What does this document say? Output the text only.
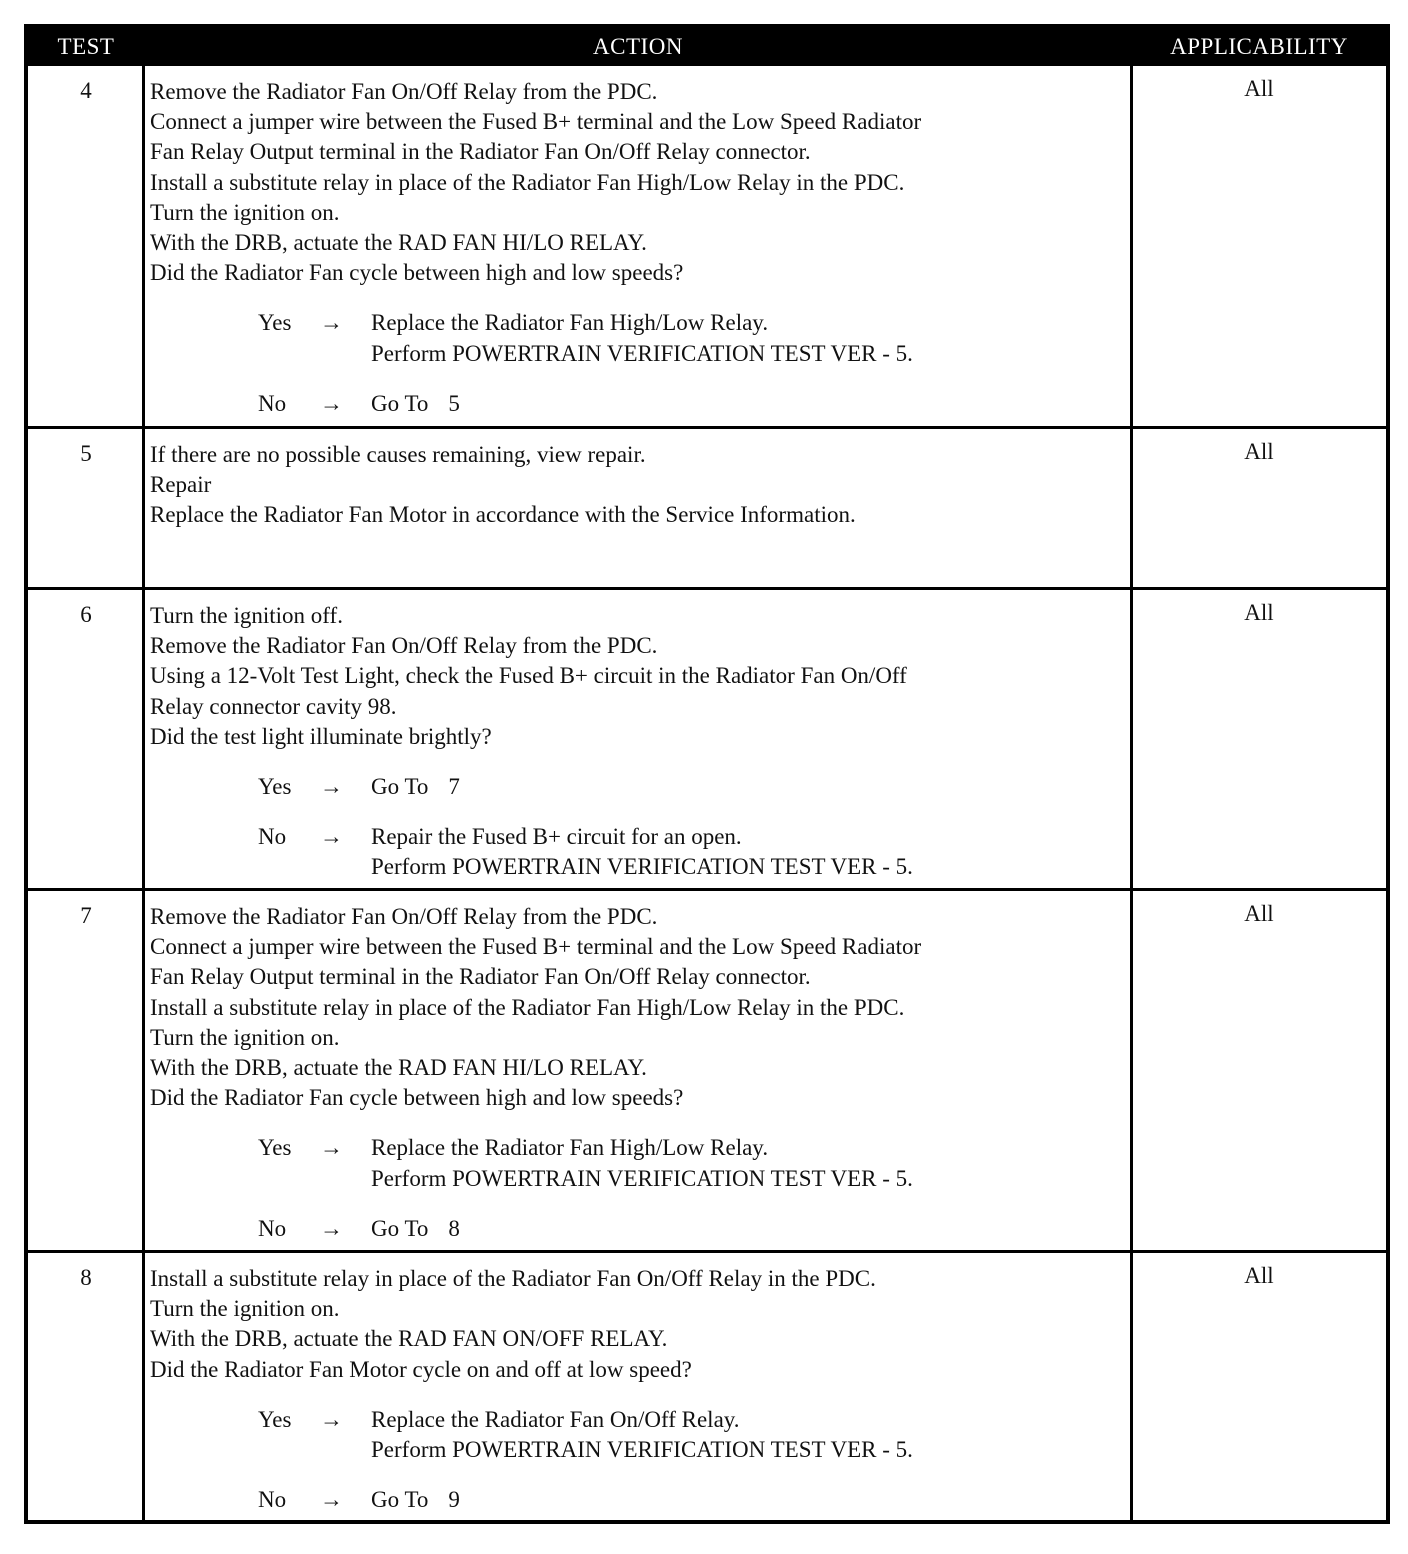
TEST	ACTION	APPLICABILITY
4	Remove the Radiator Fan On/Off Relay from the PDC.

Connect a jumper wire between the Fused B+ terminal and the Low Speed Radiator

Fan Relay Output terminal in the Radiator Fan On/Off Relay connector.

Install a substitute relay in place of the Radiator Fan High/Low Relay in the PDC.

Turn the ignition on.

With the DRB, actuate the RAD FAN HI/LO RELAY.

Did the Radiator Fan cycle between high and low speeds?

Yes → Replace the Radiator Fan High/Low Relay.

Perform POWERTRAIN VERIFICATION TEST VER - 5.

No → Go To 5
All
5	If there are no possible causes remaining, view repair.

Repair

Replace the Radiator Fan Motor in accordance with the Service Information.

All
6	Turn the ignition off.

Remove the Radiator Fan On/Off Relay from the PDC.

Using a 12-Volt Test Light, check the Fused B+ circuit in the Radiator Fan On/Off

Relay connector cavity 98.

Did the test light illuminate brightly?

Yes → Go To 7
No → Repair the Fused B+ circuit for an open.

Perform POWERTRAIN VERIFICATION TEST VER - 5.

All
7	Remove the Radiator Fan On/Off Relay from the PDC.

Connect a jumper wire between the Fused B+ terminal and the Low Speed Radiator

Fan Relay Output terminal in the Radiator Fan On/Off Relay connector.

Install a substitute relay in place of the Radiator Fan High/Low Relay in the PDC.

Turn the ignition on.

With the DRB, actuate the RAD FAN HI/LO RELAY.

Did the Radiator Fan cycle between high and low speeds?

Yes → Replace the Radiator Fan High/Low Relay.

Perform POWERTRAIN VERIFICATION TEST VER - 5.

No → Go To 8
All
8	Install a substitute relay in place of the Radiator Fan On/Off Relay in the PDC.

Turn the ignition on.

With the DRB, actuate the RAD FAN ON/OFF RELAY.

Did the Radiator Fan Motor cycle on and off at low speed?

Yes → Replace the Radiator Fan On/Off Relay.

Perform POWERTRAIN VERIFICATION TEST VER - 5.

No → Go To 9
All
